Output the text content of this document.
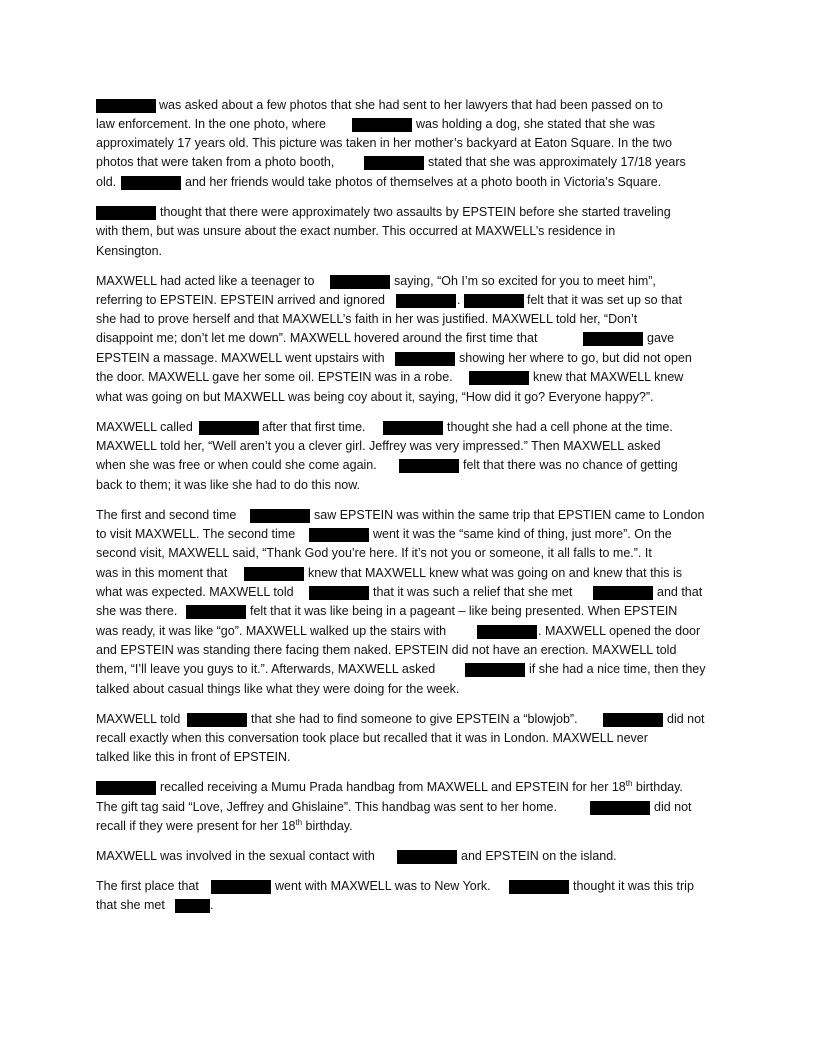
was asked about a few photos that she had sent to her lawyers that had been passed on to
law enforcement. In the one photo, where	was holding a dog, she stated that she was
approximately 17 years old. This picture was taken in her mother’s backyard at Eaton Square. In the two
photos that were taken from a photo booth,	stated that she was approximately 17/18 years
old.	and her friends would take photos of themselves at a photo booth in Victoria’s Square.
thought that there were approximately two assaults by EPSTEIN before she started traveling
with them, but was unsure about the exact number. This occurred at MAXWELL’s residence in
Kensington.
MAXWELL had acted like a teenager to	saying, “Oh I’m so excited for you to meet him”,
referring to EPSTEIN. EPSTEIN arrived and ignored	.	felt that it was set up so that
she had to prove herself and that MAXWELL’s faith in her was justified. MAXWELL told her, “Don’t
disappoint me; don’t let me down”. MAXWELL hovered around the first time that	gave
EPSTEIN a massage. MAXWELL went upstairs with	showing her where to go, but did not open
the door. MAXWELL gave her some oil. EPSTEIN was in a robe.	knew that MAXWELL knew
what was going on but MAXWELL was being coy about it, saying, “How did it go? Everyone happy?”.
MAXWELL called	after that first time.	thought she had a cell phone at the time.
MAXWELL told her, “Well aren’t you a clever girl. Jeffrey was very impressed.” Then MAXWELL asked
when she was free or when could she come again.	felt that there was no chance of getting
back to them; it was like she had to do this now.
The first and second time	saw EPSTEIN was within the same trip that EPSTIEN came to London
to visit MAXWELL. The second time	went it was the “same kind of thing, just more”. On the
second visit, MAXWELL said, “Thank God you’re here. If it’s not you or someone, it all falls to me.”. It
was in this moment that	knew that MAXWELL knew what was going on and knew that this is
what was expected. MAXWELL told	that it was such a relief that she met	and that
she was there.	felt that it was like being in a pageant – like being presented. When EPSTEIN
was ready, it was like “go”. MAXWELL walked up the stairs with	. MAXWELL opened the door
and EPSTEIN was standing there facing them naked. EPSTEIN did not have an erection. MAXWELL told
them, “I’ll leave you guys to it.”. Afterwards, MAXWELL asked	if she had a nice time, then they
talked about casual things like what they were doing for the week.
MAXWELL told	that she had to find someone to give EPSTEIN a “blowjob”.	did not
recall exactly when this conversation took place but recalled that it was in London. MAXWELL never
talked like this in front of EPSTEIN.
recalled receiving a Mumu Prada handbag from MAXWELL and EPSTEIN for her 18th birthday.
The gift tag said “Love, Jeffrey and Ghislaine”. This handbag was sent to her home.	did not
recall if they were present for her 18th birthday.
MAXWELL was involved in the sexual contact with	and EPSTEIN on the island.
The first place that	went with MAXWELL was to New York.	thought it was this trip
that she met	.
